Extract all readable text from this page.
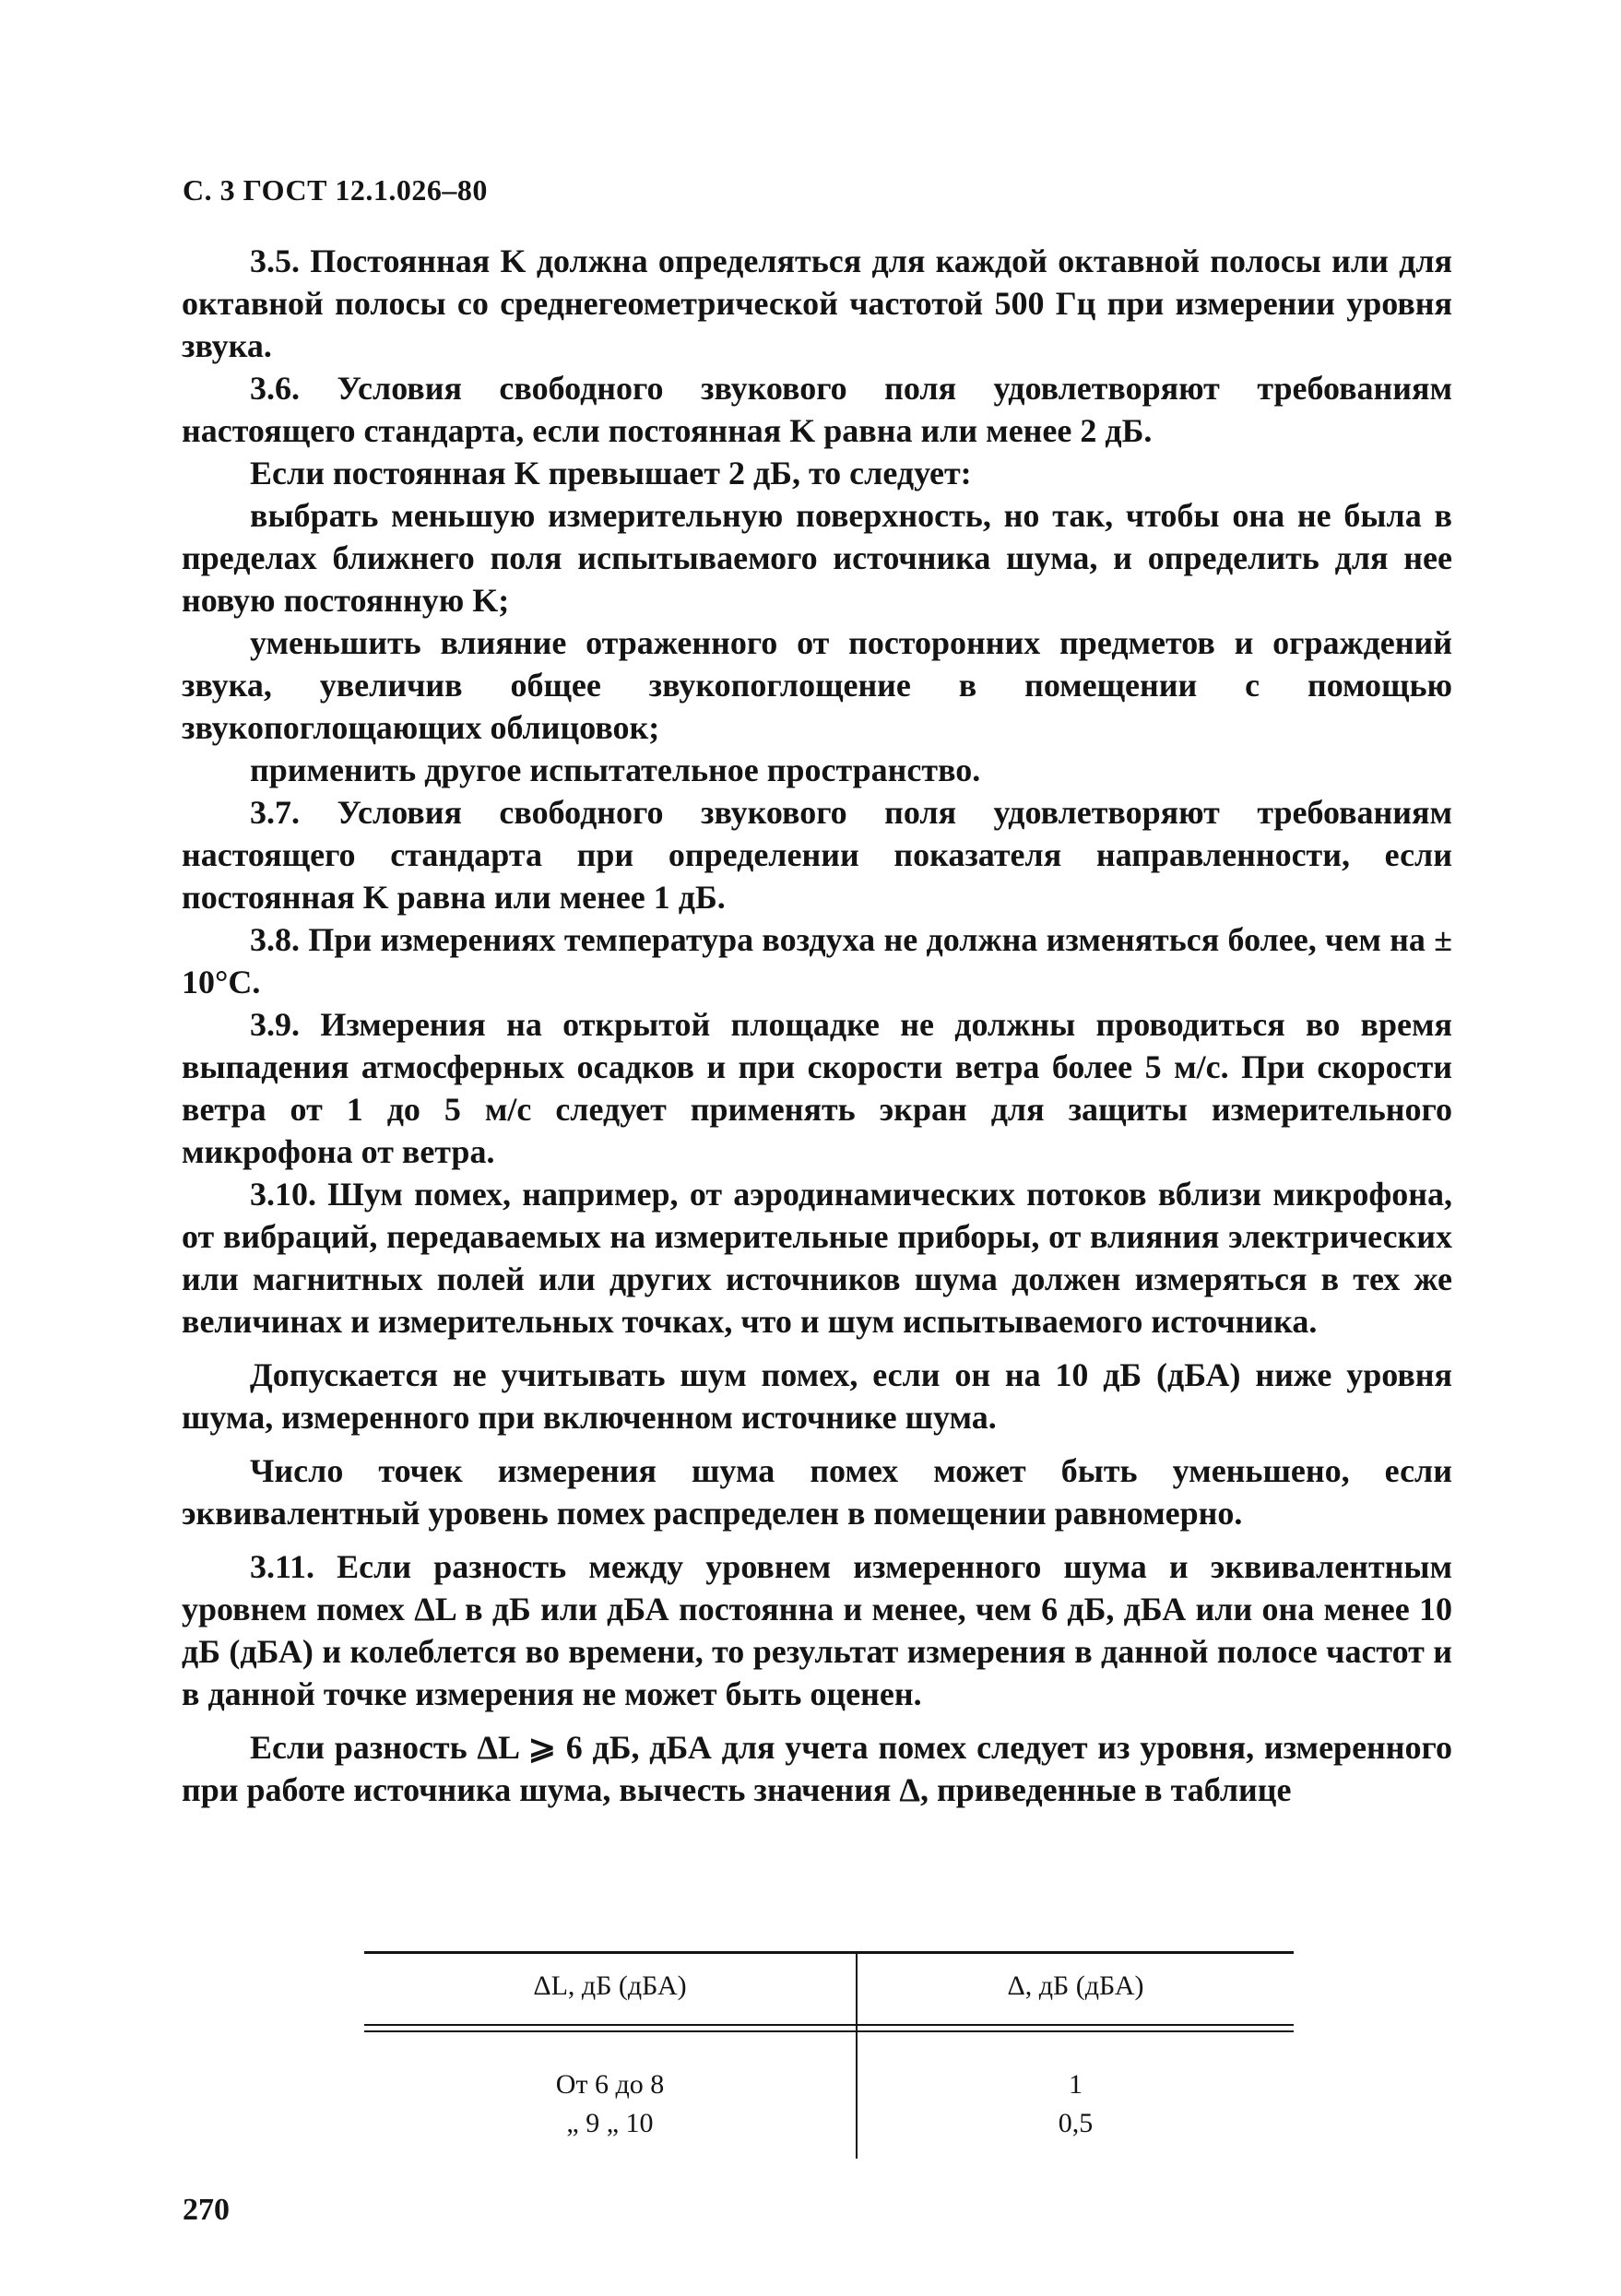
С. 3 ГОСТ 12.1.026–80

3.5. Постоянная K должна определяться для каждой октавной полосы или для октавной полосы со среднегеометрической частотой 500 Гц при измерении уровня звука.

3.6. Условия свободного звукового поля удовлетворяют требованиям настоящего стандарта, если постоянная K равна или менее 2 дБ.

Если постоянная K превышает 2 дБ, то следует:

выбрать меньшую измерительную поверхность, но так, чтобы она не была в пределах ближнего поля испытываемого источника шума, и определить для нее новую постоянную K;

уменьшить влияние отраженного от посторонних предметов и ограждений звука, увеличив общее звукопоглощение в помещении с помощью звукопоглощающих облицовок;

применить другое испытательное пространство.

3.7. Условия свободного звукового поля удовлетворяют требованиям настоящего стандарта при определении показателя направленности, если постоянная K равна или менее 1 дБ.

3.8. При измерениях температура воздуха не должна изменяться более, чем на ± 10°C.

3.9. Измерения на открытой площадке не должны проводиться во время выпадения атмосферных осадков и при скорости ветра более 5 м/с. При скорости ветра от 1 до 5 м/с следует применять экран для защиты измерительного микрофона от ветра.

3.10. Шум помех, например, от аэродинамических потоков вблизи микрофона, от вибраций, передаваемых на измерительные приборы, от влияния электрических или магнитных полей или других источников шума должен измеряться в тех же величинах и измерительных точках, что и шум испытываемого источника.

Допускается не учитывать шум помех, если он на 10 дБ (дБА) ниже уровня шума, измеренного при включенном источнике шума.

Число точек измерения шума помех может быть уменьшено, если эквивалентный уровень помех распределен в помещении равномерно.

3.11. Если разность между уровнем измеренного шума и эквивалентным уровнем помех ΔL в дБ или дБА постоянна и менее, чем 6 дБ, дБА или она менее 10 дБ (дБА) и колеблется во времени, то результат измерения в данной полосе частот и в данной точке измерения не может быть оценен.

Если разность ΔL ⩾ 6 дБ, дБА для учета помех следует из уровня, измеренного при работе источника шума, вычесть значения Δ, приведенные в таблице

ΔL, дБ (дБА)	Δ, дБ (дБА)
От 6 до 8	1
„ 9 „ 10	0,5
270
